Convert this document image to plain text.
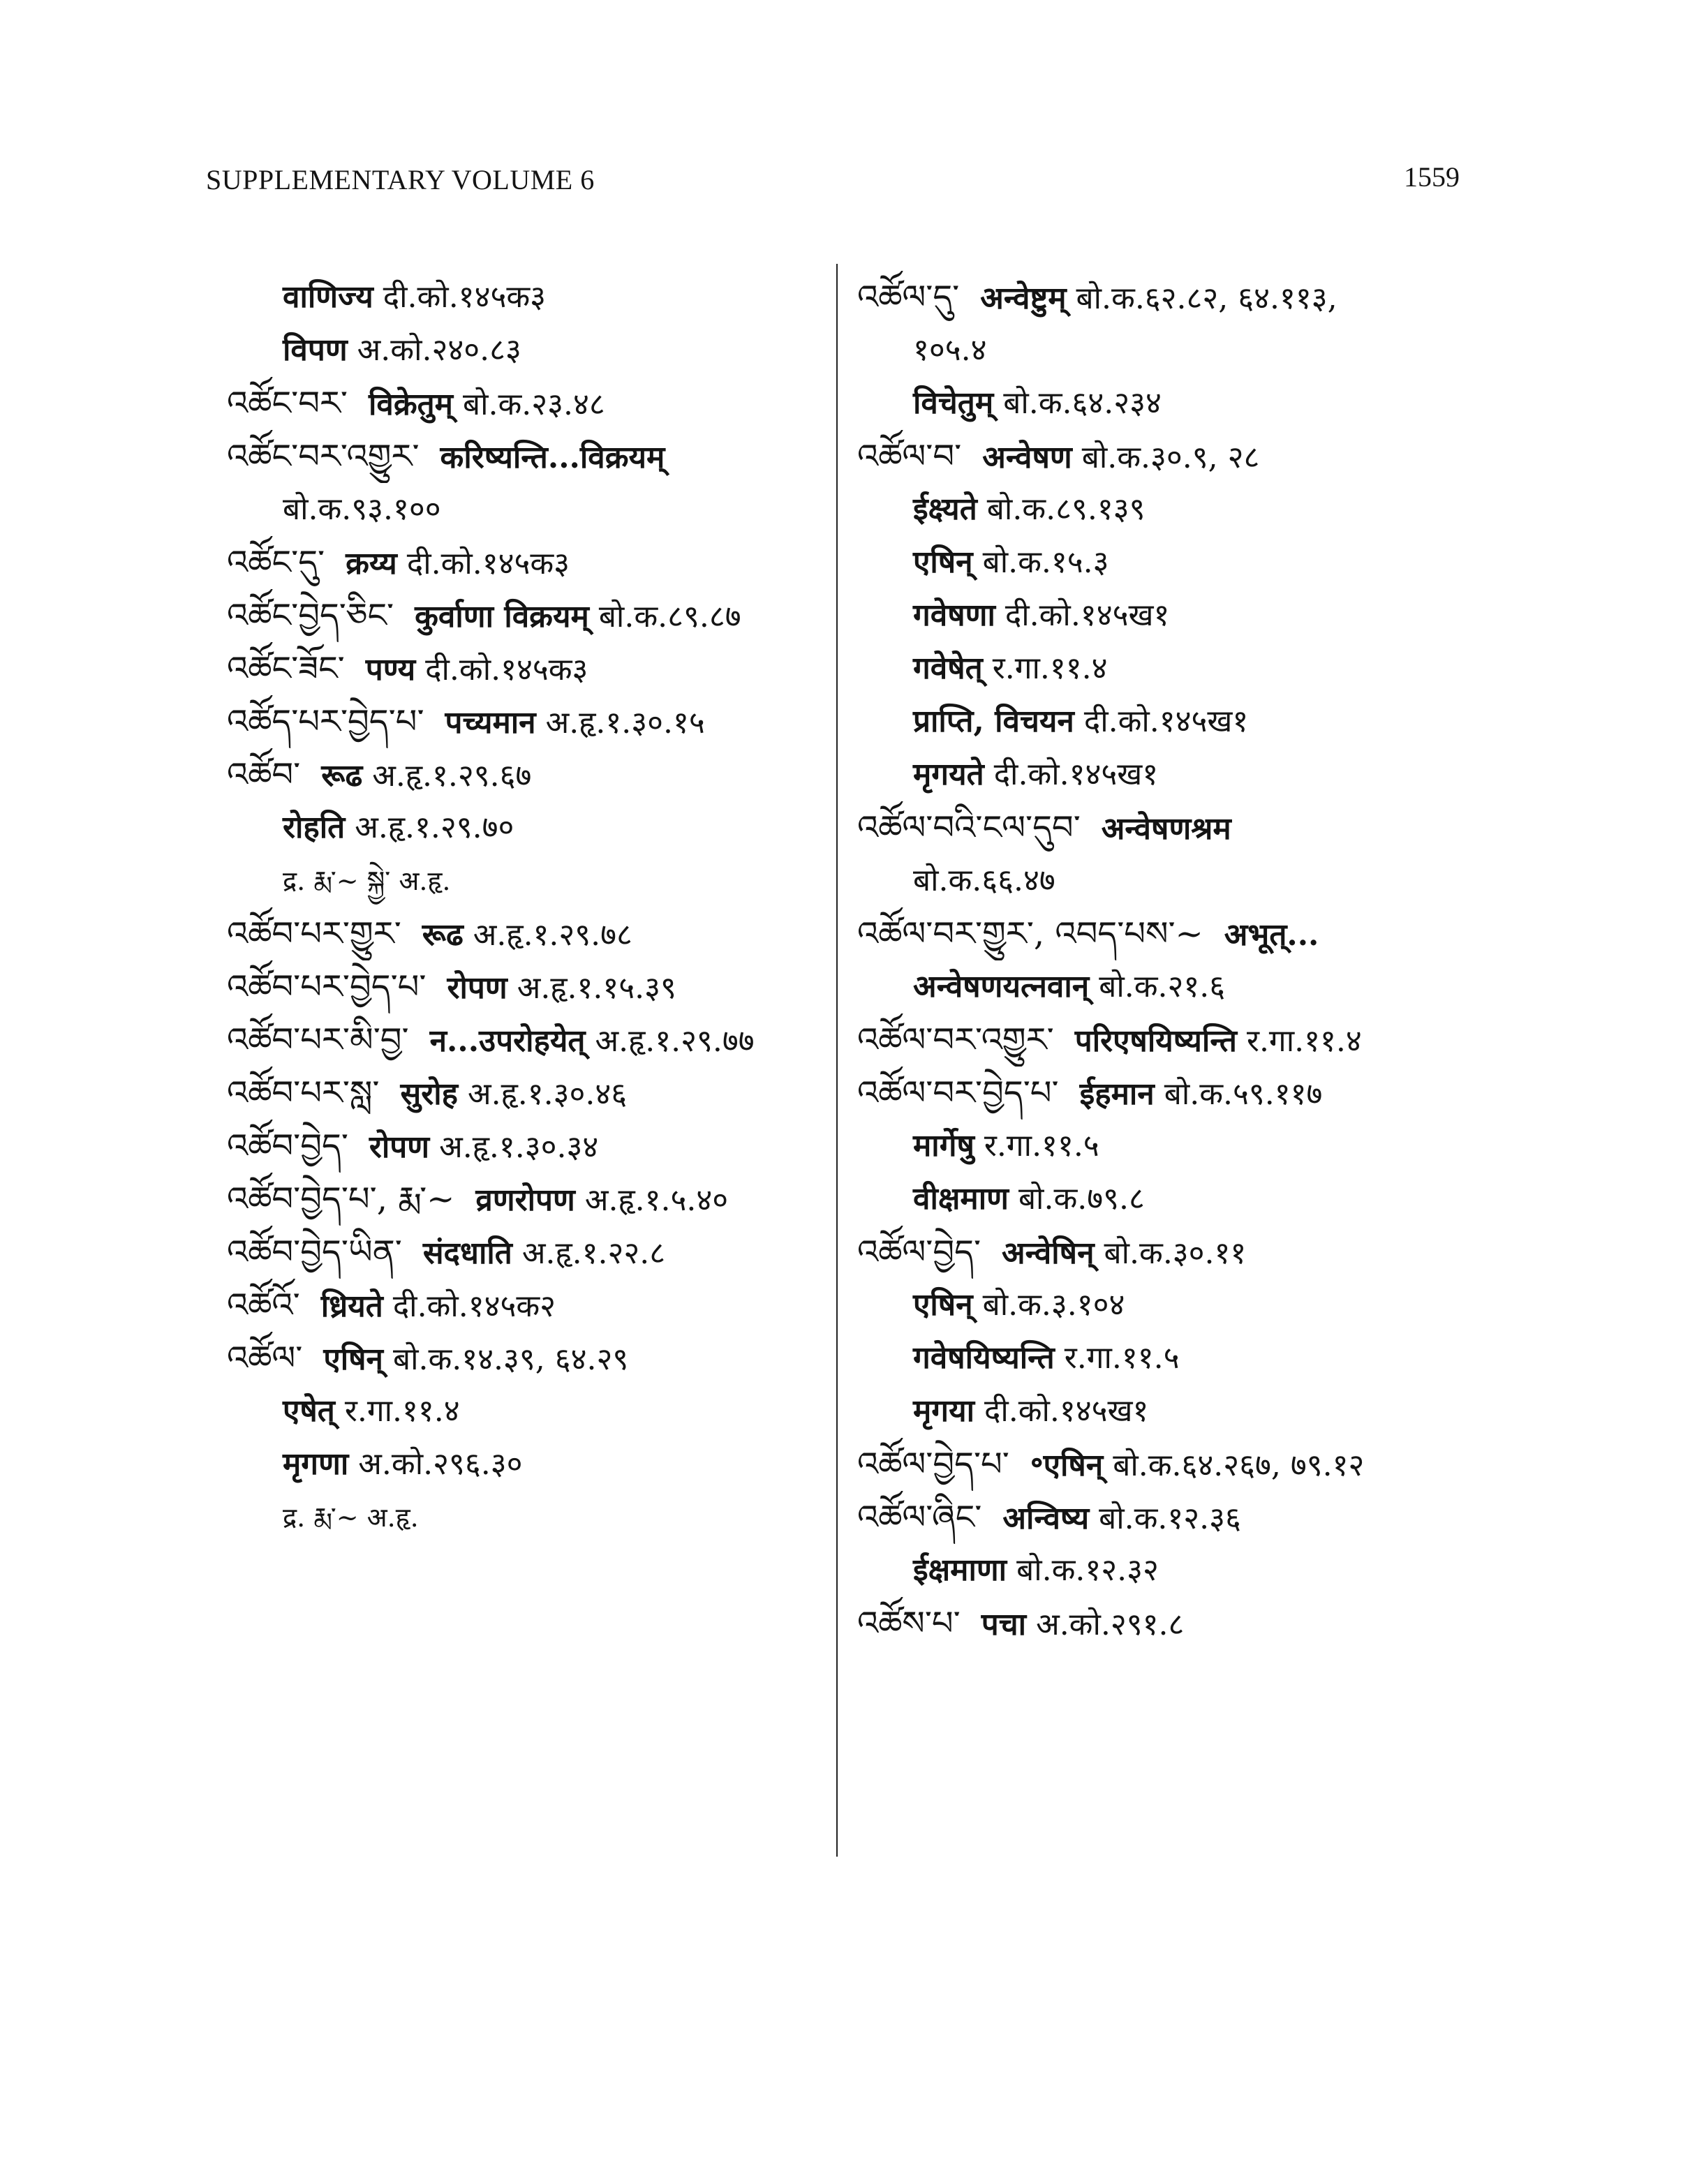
SUPPLEMENTARY VOLUME 6	1559
वाणिज्य दी.को.१४५क३
विपण अ.को.२४०.८३
འཚོང་བར་ विक्रेतुम् बो.क.२३.४८
འཚོང་བར་འགྱུར་ करिष्यन्ति...विक्रयम्
बो.क.९३.१००
འཚོང་དུ་ क्रय्य दी.को.१४५क३
འཚོང་བྱེད་ཅིང་ कुर्वाणा विक्रयम् बो.क.८९.८७
འཚོང་ཟོང་ पण्य दी.को.१४५क३
འཚོད་པར་བྱེད་པ་ पच्यमान अ.हृ.१.३०.१५
འཚོབ་ रूढ अ.हृ.१.२९.६७
रोहति अ.हृ.१.२९.७०
द्र. རྨ་~ སྐྱེ་ अ.हृ.
འཚོབ་པར་གྱུར་ रूढ अ.हृ.१.२९.७८
འཚོབ་པར་བྱེད་པ་ रोपण अ.हृ.१.१५.३९
འཚོབ་པར་མི་བྱ་ न...उपरोहयेत् अ.हृ.१.२९.७७
འཚོབ་པར་སླ་ सुरोह अ.हृ.१.३०.४६
འཚོབ་བྱེད་ रोपण अ.हृ.१.३०.३४
འཚོབ་བྱེད་པ་, རྨ་~ व्रणरोपण अ.हृ.१.५.४०
འཚོབ་བྱེད་ཡིན་ संदधाति अ.हृ.१.२२.८
འཚོའོ་ ध्रियते दी.को.१४५क२
འཚོལ་ एषिन् बो.क.१४.३९, ६४.२९
एषेत् र.गा.११.४
मृगणा अ.को.२९६.३०
द्र. རྨ་~ अ.हृ.
འཚོལ་དུ་ अन्वेष्टुम् बो.क.६२.८२, ६४.११३,
१०५.४
विचेतुम् बो.क.६४.२३४
འཚོལ་བ་ अन्वेषण बो.क.३०.९, २८
ईक्ष्यते बो.क.८९.१३९
एषिन् बो.क.१५.३
गवेषणा दी.को.१४५ख१
गवेषेत् र.गा.११.४
प्राप्ति, विचयन दी.को.१४५ख१
मृगयते दी.को.१४५ख१
འཚོལ་བའི་ངལ་དུབ་ अन्वेषणश्रम
बो.क.६६.४७
འཚོལ་བར་གྱུར་, འབད་པས་~ अभूत्...
अन्वेषणयत्नवान् बो.क.२१.६
འཚོལ་བར་འགྱུར་ परिएषयिष्यन्ति र.गा.११.४
འཚོལ་བར་བྱེད་པ་ ईहमान बो.क.५९.११७
मार्गेषु र.गा.११.५
वीक्षमाण बो.क.७९.८
འཚོལ་བྱེད་ अन्वेषिन् बो.क.३०.११
एषिन् बो.क.३.१०४
गवेषयिष्यन्ति र.गा.११.५
मृगया दी.को.१४५ख१
འཚོལ་བྱེད་པ་ ॰एषिन् बो.क.६४.२६७, ७९.१२
འཚོལ་ཞིང་ अन्विष्य बो.क.१२.३६
ईक्षमाणा बो.क.१२.३२
འཚོས་པ་ पचा अ.को.२९१.८
